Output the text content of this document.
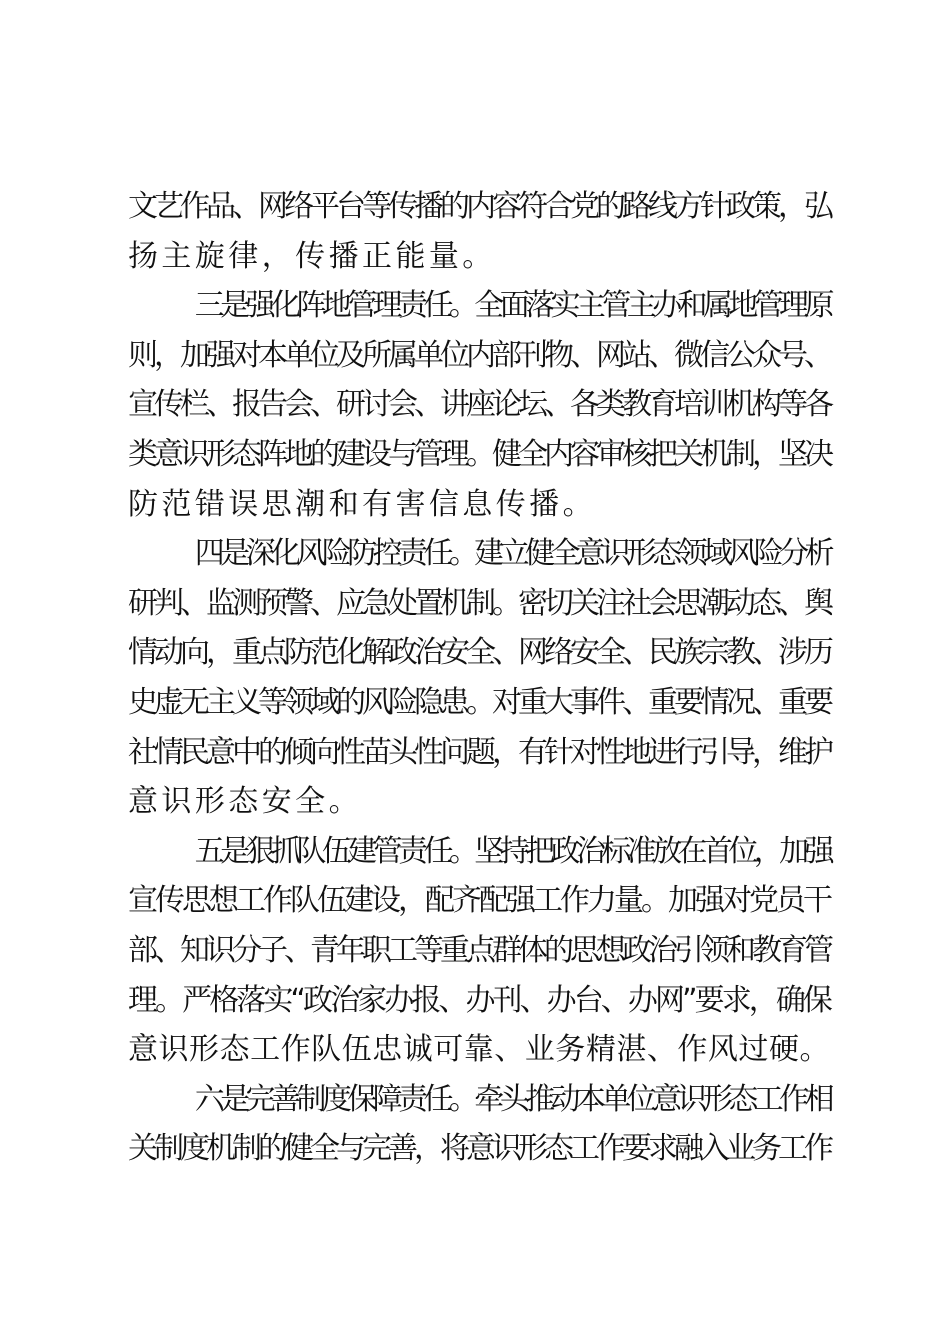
文艺作品、网络平台等传播的内容符合党的路线方针政策，弘
扬主旋律，传播正能量。
三是强化阵地管理责任。全面落实主管主办和属地管理原
则，加强对本单位及所属单位内部刊物、网站、微信公众号、
宣传栏、报告会、研讨会、讲座论坛、各类教育培训机构等各
类意识形态阵地的建设与管理。健全内容审核把关机制，坚决
防范错误思潮和有害信息传播。
四是深化风险防控责任。建立健全意识形态领域风险分析
研判、监测预警、应急处置机制。密切关注社会思潮动态、舆
情动向，重点防范化解政治安全、网络安全、民族宗教、涉历
史虚无主义等领域的风险隐患。对重大事件、重要情况、重要
社情民意中的倾向性苗头性问题，有针对性地进行引导，维护
意识形态安全。
五是狠抓队伍建管责任。坚持把政治标准放在首位，加强
宣传思想工作队伍建设，配齐配强工作力量。加强对党员干
部、知识分子、青年职工等重点群体的思想政治引领和教育管
理。严格落实“政治家办报、办刊、办台、办网”要求，确保
意识形态工作队伍忠诚可靠、业务精湛、作风过硬。
六是完善制度保障责任。牵头推动本单位意识形态工作相
关制度机制的健全与完善，将意识形态工作要求融入业务工作
